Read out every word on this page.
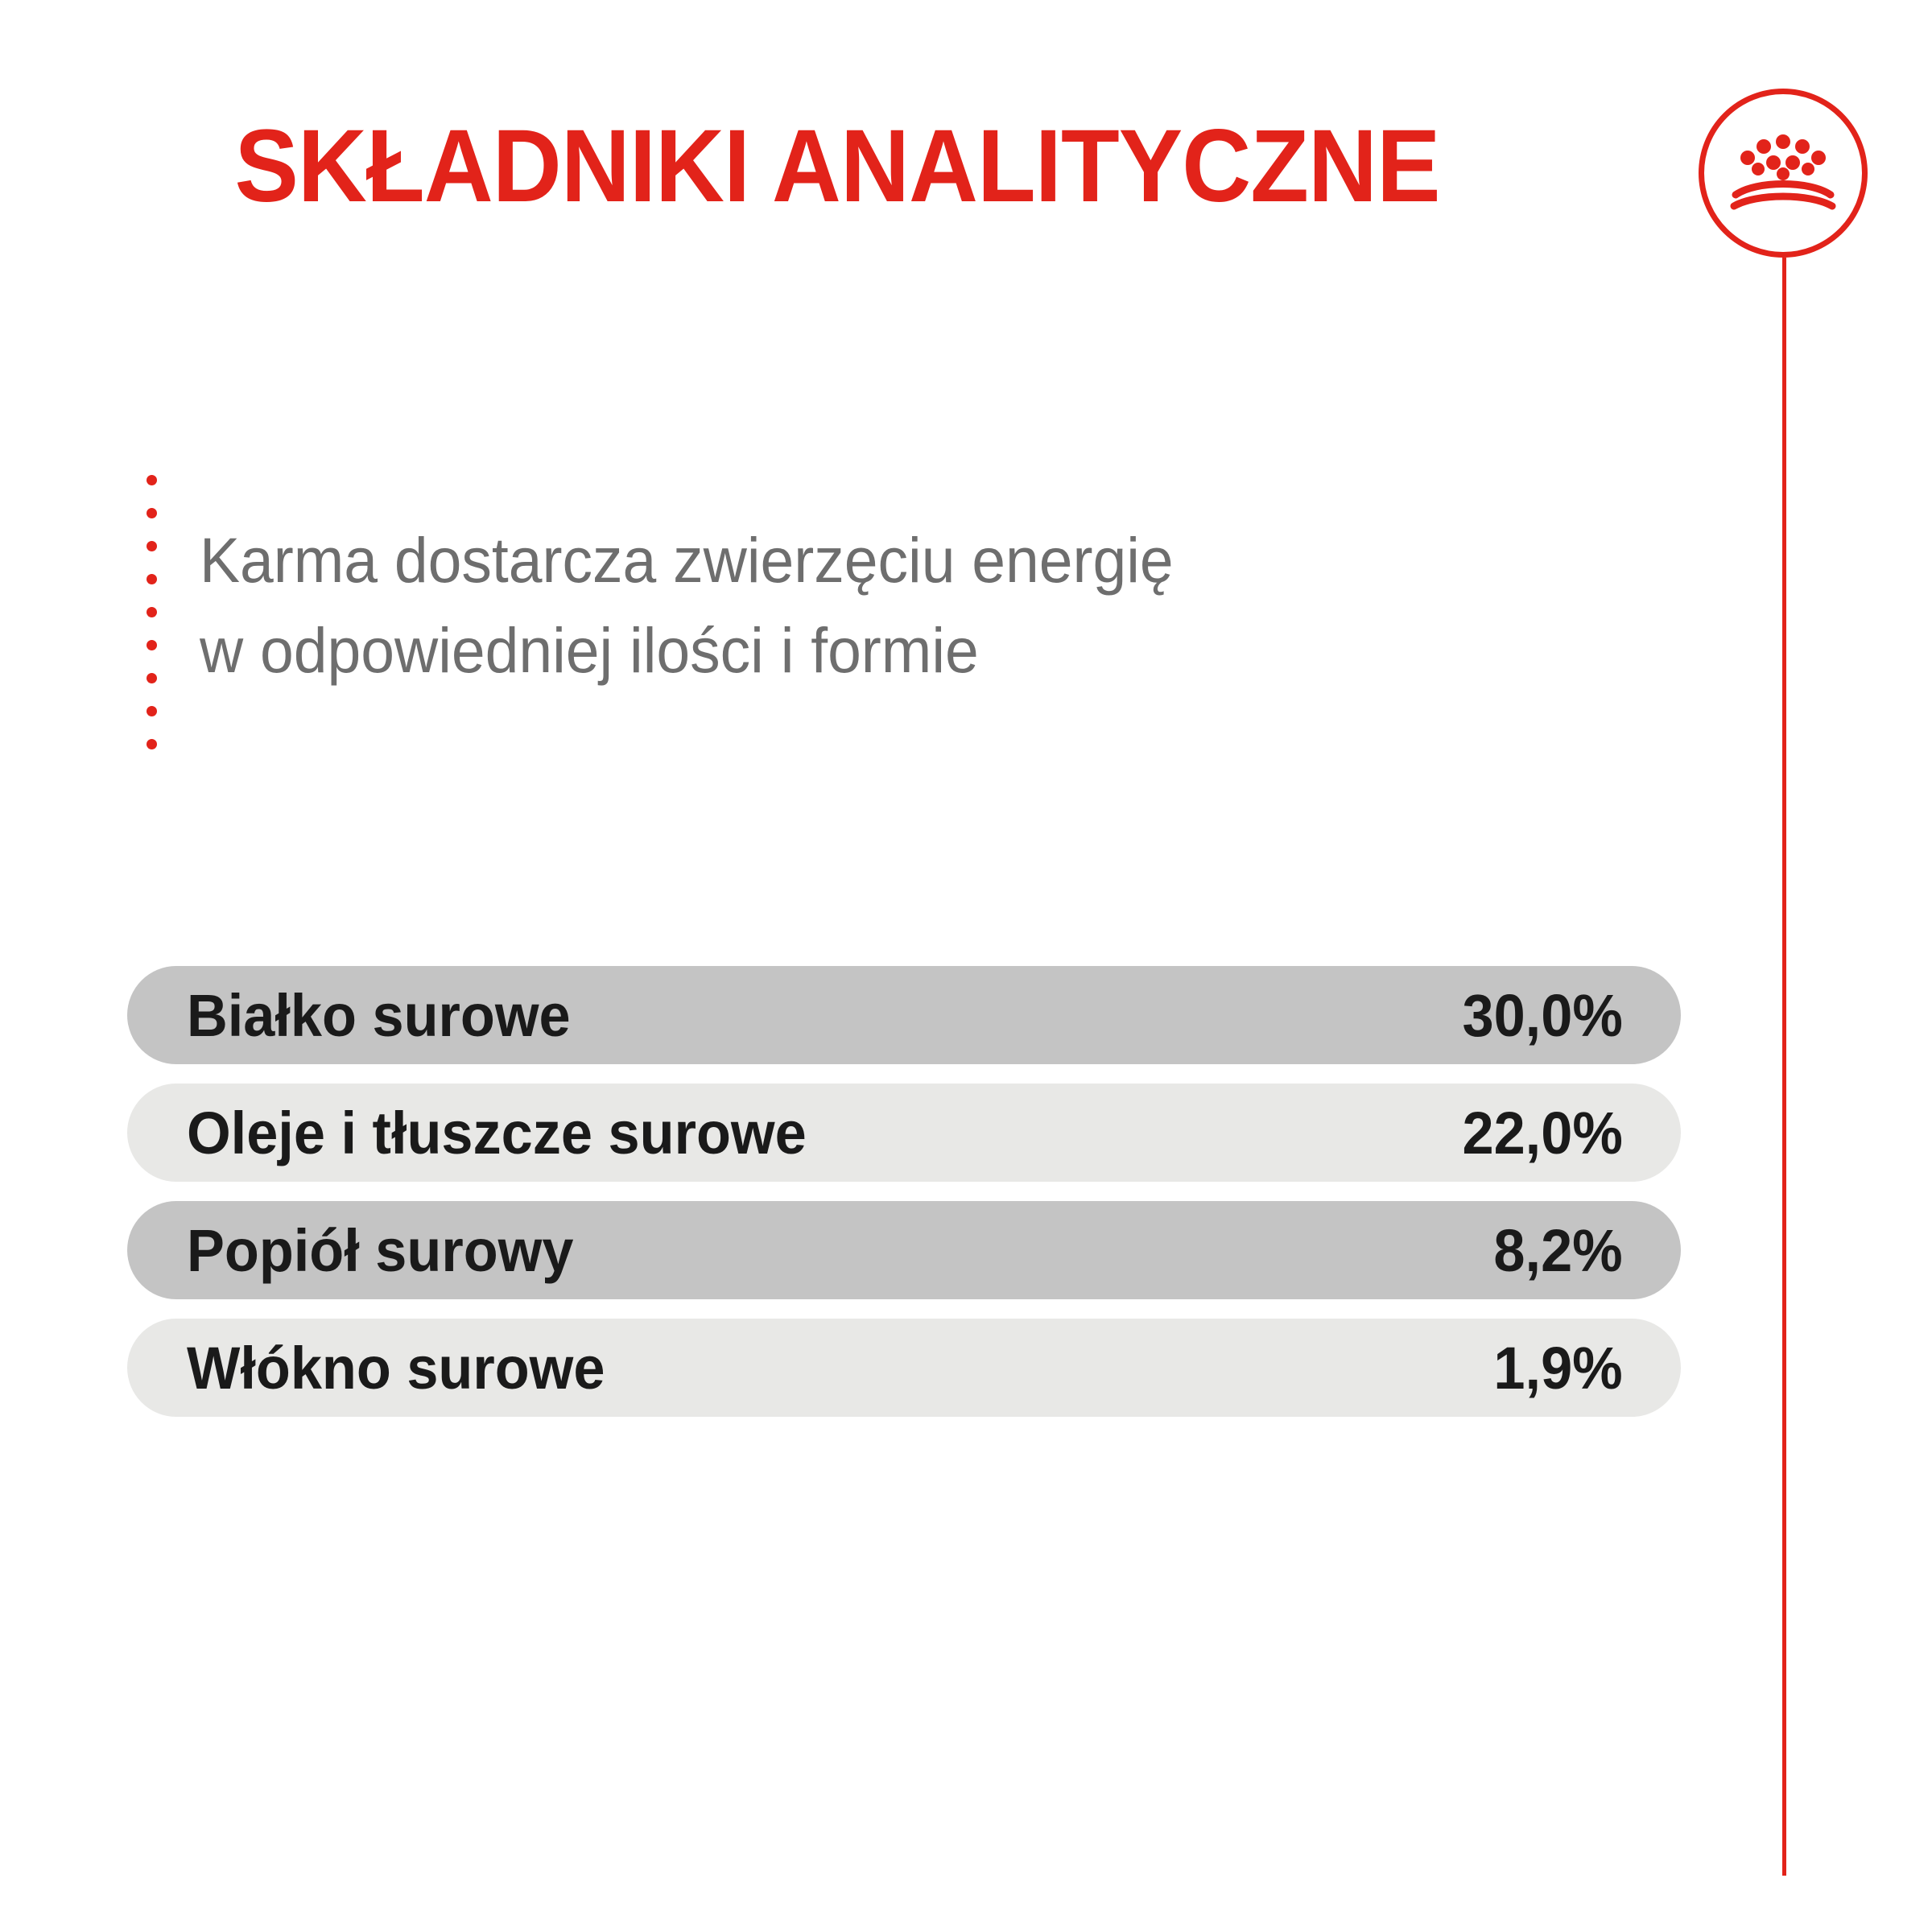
SKŁADNIKI ANALITYCZNE
Karma dostarcza zwierzęciu energię
w odpowiedniej ilości i formie
Białko surowe	30,0%
Oleje i tłuszcze surowe	22,0%
Popiół surowy	8,2%
Włókno surowe	1,9%
